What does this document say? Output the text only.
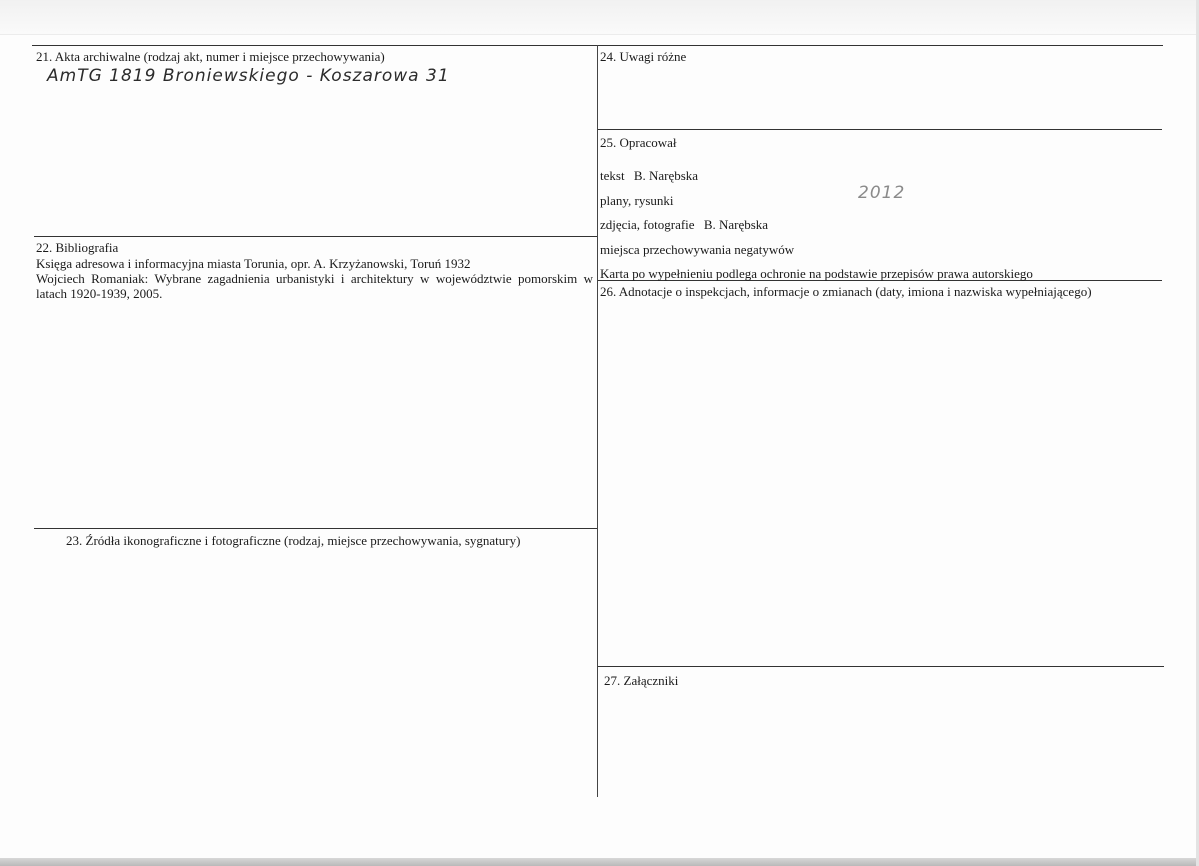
21. Akta archiwalne (rodzaj akt, numer i miejsce przechowywania)
AmTG 1819 Broniewskiego - Koszarowa 31
22. Bibliografia
Księga adresowa i informacyjna miasta Torunia, opr. A. Krzyżanowski, Toruń 1932
Wojciech Romaniak: Wybrane zagadnienia urbanistyki i architektury w województwie pomorskim w latach 1920-1939, 2005.
23. Źródła ikonograficzne i fotograficzne (rodzaj, miejsce przechowywania, sygnatury)
24. Uwagi różne
25. Opracował
tekst B. Narębska
plany, rysunki
zdjęcia, fotografie B. Narębska
miejsca przechowywania negatywów
2012
Karta po wypełnieniu podlega ochronie na podstawie przepisów prawa autorskiego
26. Adnotacje o inspekcjach, informacje o zmianach (daty, imiona i nazwiska wypełniającego)
27. Załączniki
